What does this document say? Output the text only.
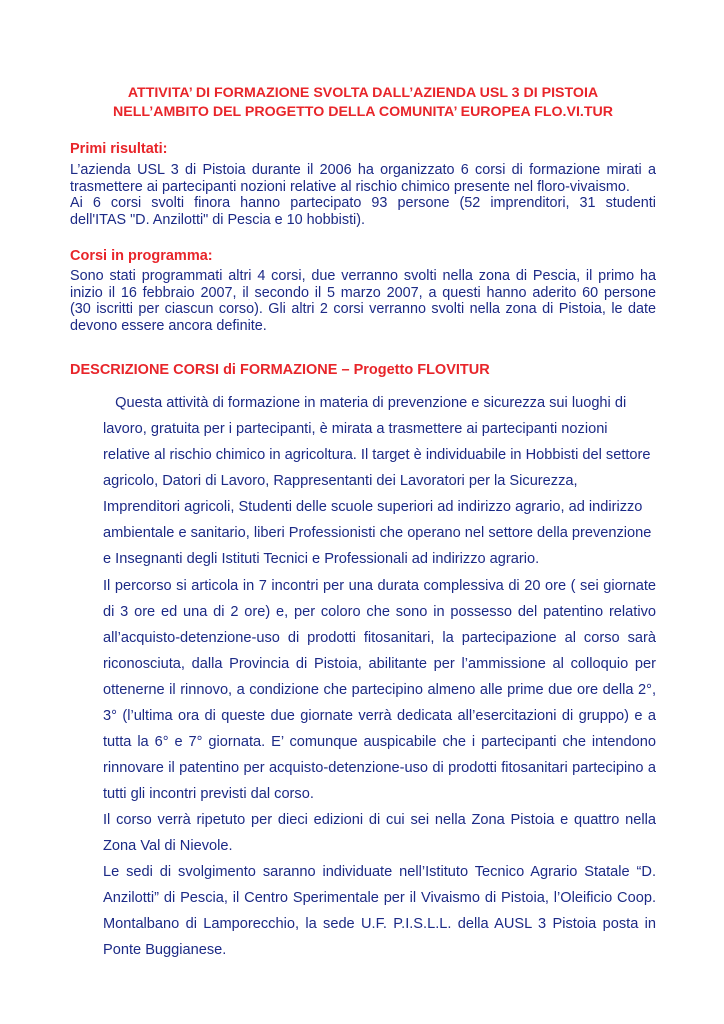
ATTIVITA’ DI FORMAZIONE SVOLTA DALL’AZIENDA USL 3 DI PISTOIA
NELL’AMBITO DEL PROGETTO DELLA COMUNITA’ EUROPEA FLO.VI.TUR
Primi risultati:
L’azienda USL 3 di Pistoia durante il 2006 ha organizzato 6 corsi di formazione mirati a
trasmettere ai partecipanti nozioni relative al rischio chimico presente nel floro-vivaismo.
Ai 6 corsi svolti finora hanno partecipato 93 persone (52 imprenditori, 31 studenti
dell'ITAS "D. Anzilotti" di Pescia e 10 hobbisti).
Corsi in programma:
Sono stati programmati altri 4 corsi, due verranno svolti nella zona di Pescia, il primo ha
inizio il 16 febbraio 2007, il secondo il 5 marzo 2007, a questi hanno aderito 60 persone
(30 iscritti per ciascun corso). Gli altri 2 corsi verranno svolti nella zona di Pistoia, le date
devono essere ancora definite.
DESCRIZIONE CORSI di FORMAZIONE – Progetto FLOVITUR
Questa attività di formazione in materia di prevenzione e sicurezza sui luoghi di
lavoro, gratuita per i partecipanti, è mirata a trasmettere ai partecipanti nozioni
relative al rischio chimico in agricoltura. Il target è individuabile in Hobbisti del settore
agricolo, Datori di Lavoro, Rappresentanti dei Lavoratori per la Sicurezza,
Imprenditori agricoli, Studenti delle scuole superiori ad indirizzo agrario, ad indirizzo
ambientale e sanitario, liberi Professionisti che operano nel settore della prevenzione
e Insegnanti degli Istituti Tecnici e Professionali ad indirizzo agrario.
Il percorso si articola in 7 incontri per una durata complessiva di 20 ore ( sei giornate
di 3 ore ed una di 2 ore) e, per coloro che sono in possesso del patentino relativo
all’acquisto-detenzione-uso di prodotti fitosanitari, la partecipazione al corso sarà
riconosciuta, dalla Provincia di Pistoia, abilitante per l’ammissione al colloquio per
ottenerne il rinnovo, a condizione che partecipino almeno alle prime due ore della 2°,
3° (l’ultima ora di queste due giornate verrà dedicata all’esercitazioni di gruppo) e a
tutta la 6° e 7° giornata. E’ comunque auspicabile che i partecipanti che intendono
rinnovare il patentino per acquisto-detenzione-uso di prodotti fitosanitari partecipino a
tutti gli incontri previsti dal corso.
Il corso verrà ripetuto per dieci edizioni di cui sei nella Zona Pistoia e quattro nella
Zona Val di Nievole.
Le sedi di svolgimento saranno individuate nell’Istituto Tecnico Agrario Statale “D.
Anzilotti” di Pescia, il Centro Sperimentale per il Vivaismo di Pistoia, l’Oleificio Coop.
Montalbano di Lamporecchio, la sede U.F. P.I.S.L.L. della AUSL 3 Pistoia posta in
Ponte Buggianese.
